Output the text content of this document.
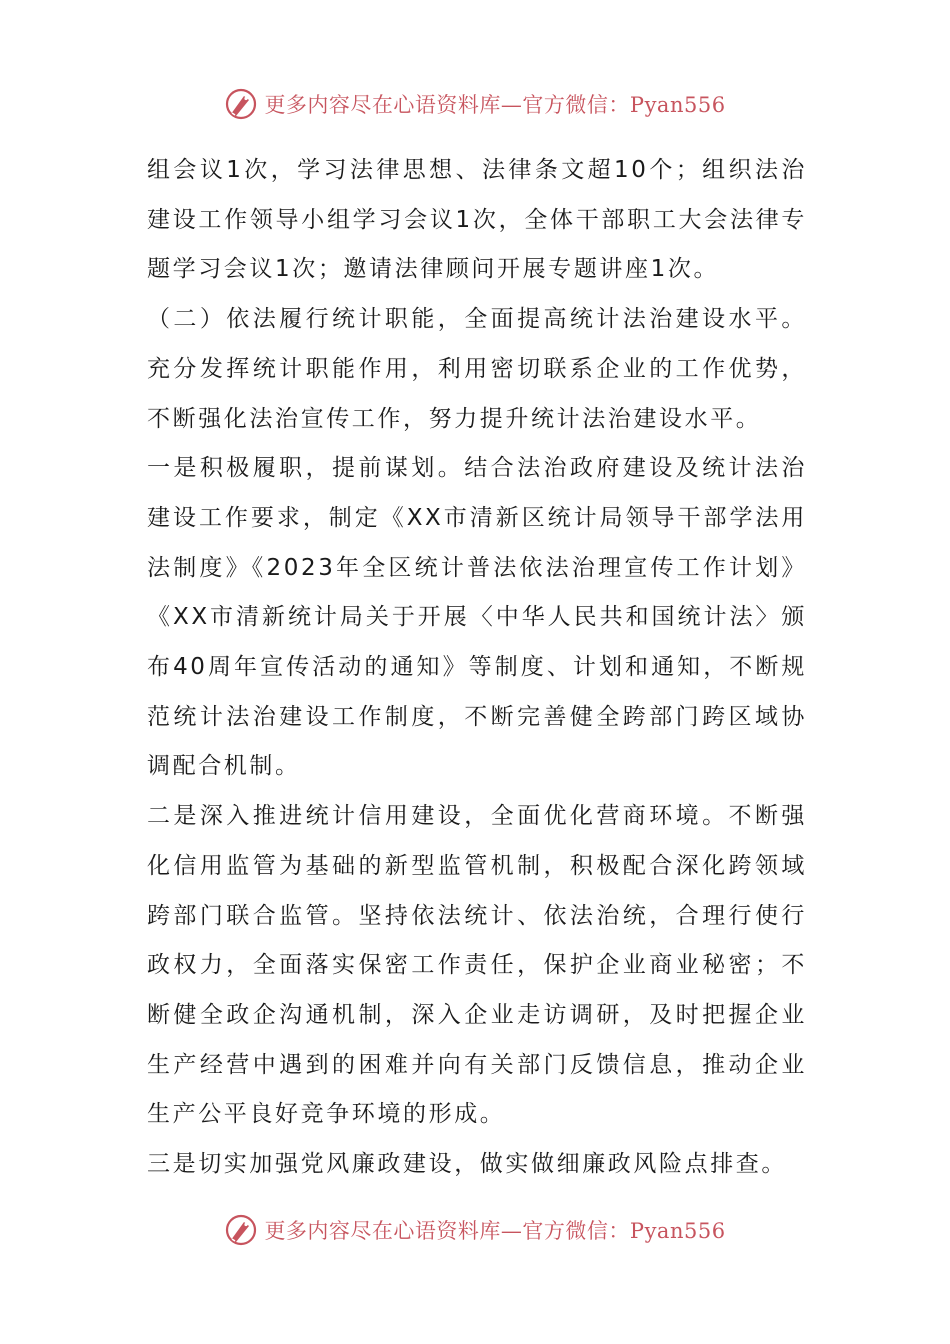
更多内容尽在心语资料库—官方微信：Pyan556

组会议1次，学习法律思想、法律条文超10个；组织法治建设工作领导小组学习会议1次，全体干部职工大会法律专题学习会议1次；邀请法律顾问开展专题讲座1次。

（二）依法履行统计职能，全面提高统计法治建设水平。充分发挥统计职能作用，利用密切联系企业的工作优势，不断强化法治宣传工作，努力提升统计法治建设水平。

一是积极履职，提前谋划。结合法治政府建设及统计法治建设工作要求，制定《XX市清新区统计局领导干部学法用法制度》《2023年全区统计普法依法治理宣传工作计划》《XX市清新统计局关于开展〈中华人民共和国统计法〉颁布40周年宣传活动的通知》等制度、计划和通知，不断规范统计法治建设工作制度，不断完善健全跨部门跨区域协调配合机制。

二是深入推进统计信用建设，全面优化营商环境。不断强化信用监管为基础的新型监管机制，积极配合深化跨领域跨部门联合监管。坚持依法统计、依法治统，合理行使行政权力，全面落实保密工作责任，保护企业商业秘密；不断健全政企沟通机制，深入企业走访调研，及时把握企业生产经营中遇到的困难并向有关部门反馈信息，推动企业生产公平良好竞争环境的形成。

三是切实加强党风廉政建设，做实做细廉政风险点排查。

更多内容尽在心语资料库—官方微信：Pyan556
